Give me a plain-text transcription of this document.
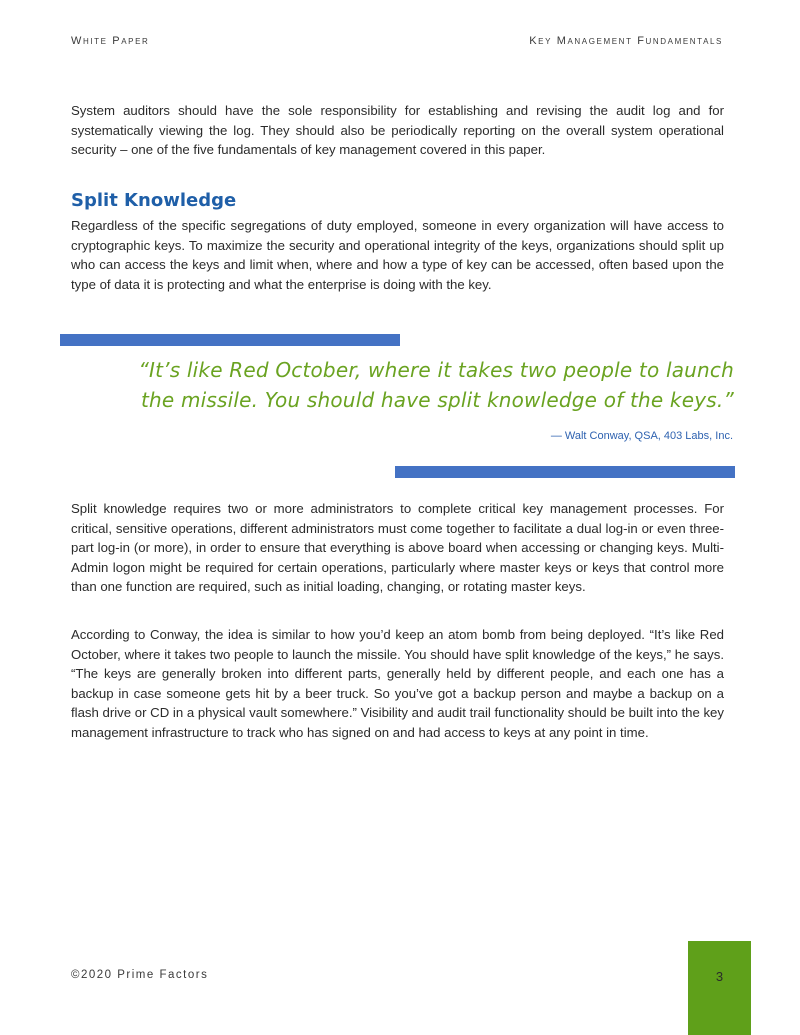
White Paper	Key Management Fundamentals

System auditors should have the sole responsibility for establishing and revising the audit log and for systematically viewing the log. They should also be periodically reporting on the overall system operational security – one of the five fundamentals of key management covered in this paper.

Split Knowledge

Regardless of the specific segregations of duty employed, someone in every organization will have access to cryptographic keys. To maximize the security and operational integrity of the keys, organizations should split up who can access the keys and limit when, where and how a type of key can be accessed, often based upon the type of data it is protecting and what the enterprise is doing with the key.

“It’s like Red October, where it takes two people to launch the missile. You should have split knowledge of the keys.”
— Walt Conway, QSA, 403 Labs, Inc.

Split knowledge requires two or more administrators to complete critical key management processes. For critical, sensitive operations, different administrators must come together to facilitate a dual log-in or even three-part log-in (or more), in order to ensure that everything is above board when accessing or changing keys. Multi-Admin logon might be required for certain operations, particularly where master keys or keys that control more than one function are required, such as initial loading, changing, or rotating master keys.

According to Conway, the idea is similar to how you’d keep an atom bomb from being deployed. “It’s like Red October, where it takes two people to launch the missile. You should have split knowledge of the keys,” he says. “The keys are generally broken into different parts, generally held by different people, and each one has a backup in case someone gets hit by a beer truck. So you’ve got a backup person and maybe a backup on a flash drive or CD in a physical vault somewhere.” Visibility and audit trail functionality should be built into the key management infrastructure to track who has signed on and had access to keys at any point in time.

©2020 Prime Factors	3
